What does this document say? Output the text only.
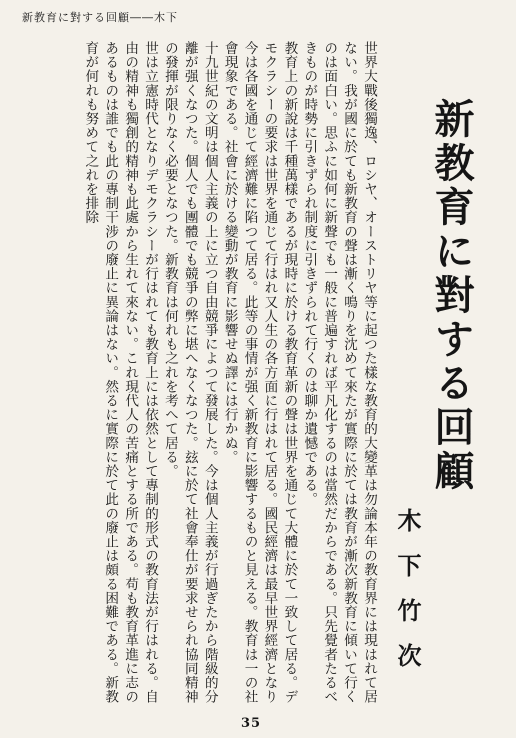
新教育に對する回顧――木下
新教育に對する回顧
木下竹次

世界大戰後獨逸、ロシヤ、オーストリヤ等に起つた樣な教育的大變革は勿論本年の教育界には現はれて居ない。我が國に於ても新教育の聲は漸く鳴りを沈めて來たが實際に於ては教育が漸次新教育に傾いて行くのは面白い。思ふに如何に新聲でも一般に普遍すれば平凡化するのは當然だからである。只先覺者たるべきものが時勢に引きずられ制度に引きずられて行くのは聊か遺憾である。

教育上の新說は千種萬樣であるが現時に於ける教育革新の聲は世界を通じて大體に於て一致して居る。デモクラシーの要求は世界を通じて行はれ又人生の各方面に行はれて居る。國民經濟は最早世界經濟となり今は各國を通じて經濟難に陷つて居る。此等の事情が强く新教育に影響するものと見える。教育は一の社會現象である。社會に於ける變動が教育に影響せぬ譯には行かぬ。

十九世紀の文明は個人主義の上に立つ自由競爭によつて發展した。今は個人主義が行過ぎたから階級的分離が强くなつた。個人でも團體でも競爭の弊に堪へなくなつた。玆に於て社會奉仕が要求せられ協同精神の發揮が限りなく必要となつた。新教育は何れも之れを考へて居る。

世は立憲時代となりデモクラシーが行はれても教育上には依然として專制的形式の教育法が行はれる。自由の精神も獨創的精神も此處から生れて來ない。これ現代人の苦痛とする所である。苟も教育革進に志のあるものは誰でも此の專制干涉の廢止に異論はない。然るに實際に於て此の廢止は頗る困難である。新教育が何れも努めて之れを排除

35
